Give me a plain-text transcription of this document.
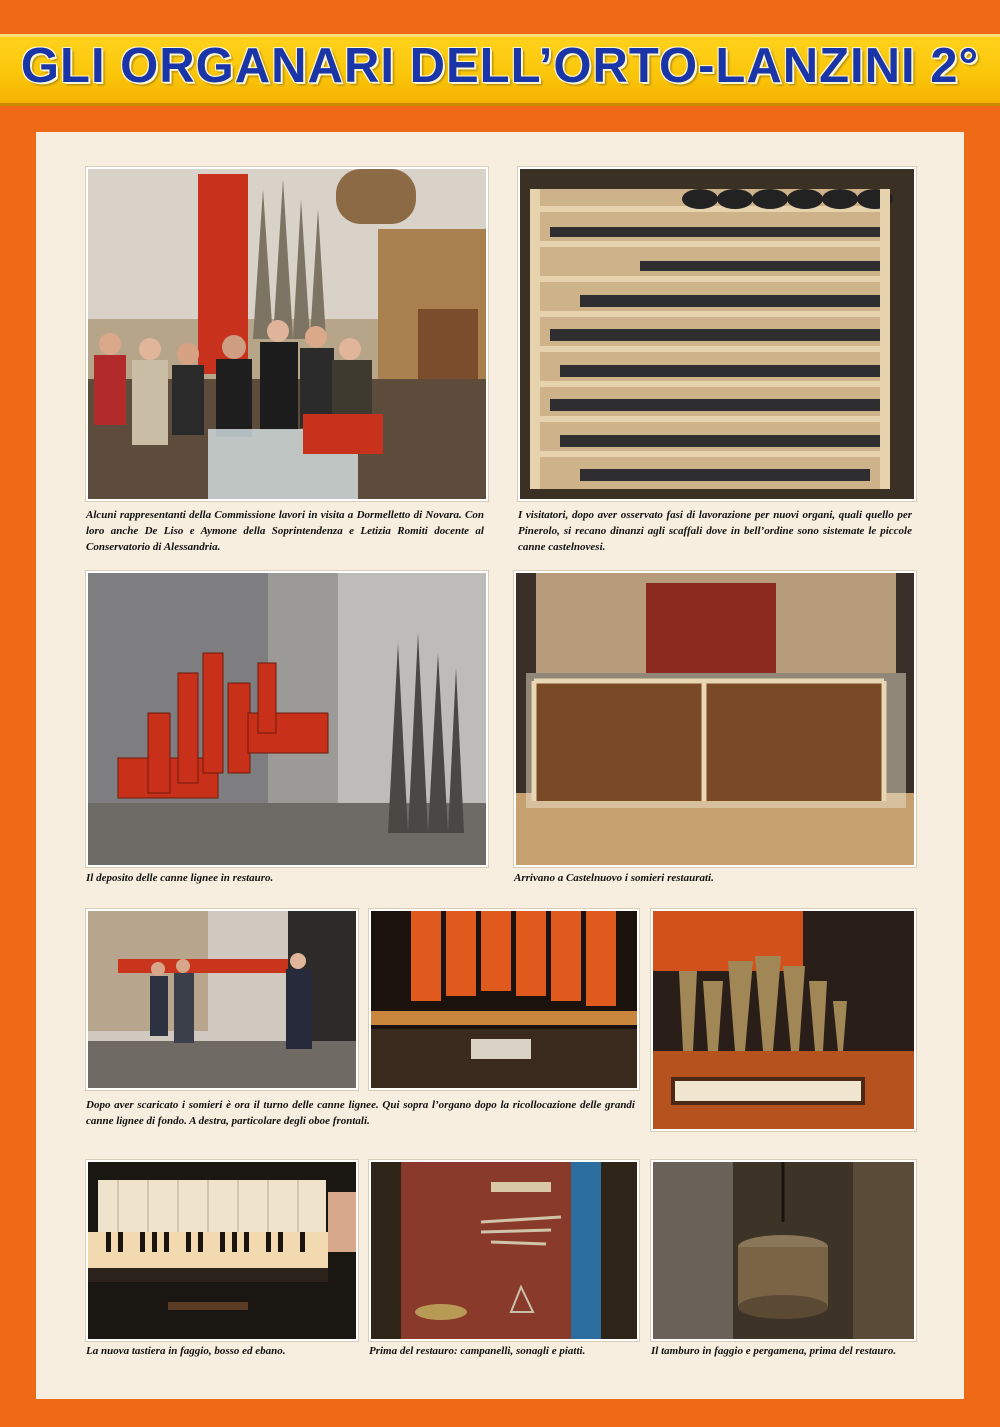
GLI ORGANARI DELL’ORTO-LANZINI 2°

Alcuni rappresentanti della Commissione lavori in visita a Dormelletto di Novara. Con loro anche De Liso e Aymone della Soprintendenza e Letizia Romiti docente al Conservatorio di Alessandria.

I visitatori, dopo aver osservato fasi di lavorazione per nuovi organi, quali quello per Pinerolo, si recano dinanzi agli scaffali dove in bell’ordine sono sistemate le piccole canne castelnovesi.

Il deposito delle canne lignee in restauro.	Arrivano a Castelnuovo i somieri restaurati.

Dopo aver scaricato i somieri è ora il turno delle canne lignee. Qui sopra l’organo dopo la ricollocazione delle grandi canne lignee di fondo. A destra, particolare degli oboe frontali.

La nuova tastiera in faggio, bosso ed ebano.	Prima del restauro: campanelli, sonagli e piatti.	Il tamburo in faggio e pergamena, prima del restauro.
